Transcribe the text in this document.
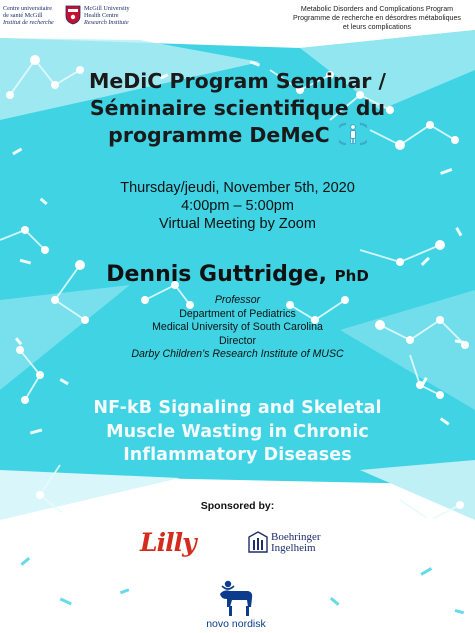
Centre universitaire
de santé McGill
Institut de recherche
McGill University
Health Centre
Research Institute
Metabolic Disorders and Complications Program
Programme de recherche en désordres métaboliques
et leurs complications
MeDiC Program Seminar /
Séminaire scientifique du
programme DeMeC
Thursday/jeudi, November 5th, 2020
4:00pm – 5:00pm
Virtual Meeting by Zoom
Dennis Guttridge, PhD
Professor
Department of Pediatrics
Medical University of South Carolina
Director
Darby Children’s Research Institute of MUSC
NF-kB Signaling and Skeletal
Muscle Wasting in Chronic
Inflammatory Diseases
Sponsored by:
Lilly	Boehringer
Ingelheim
novo nordisk
